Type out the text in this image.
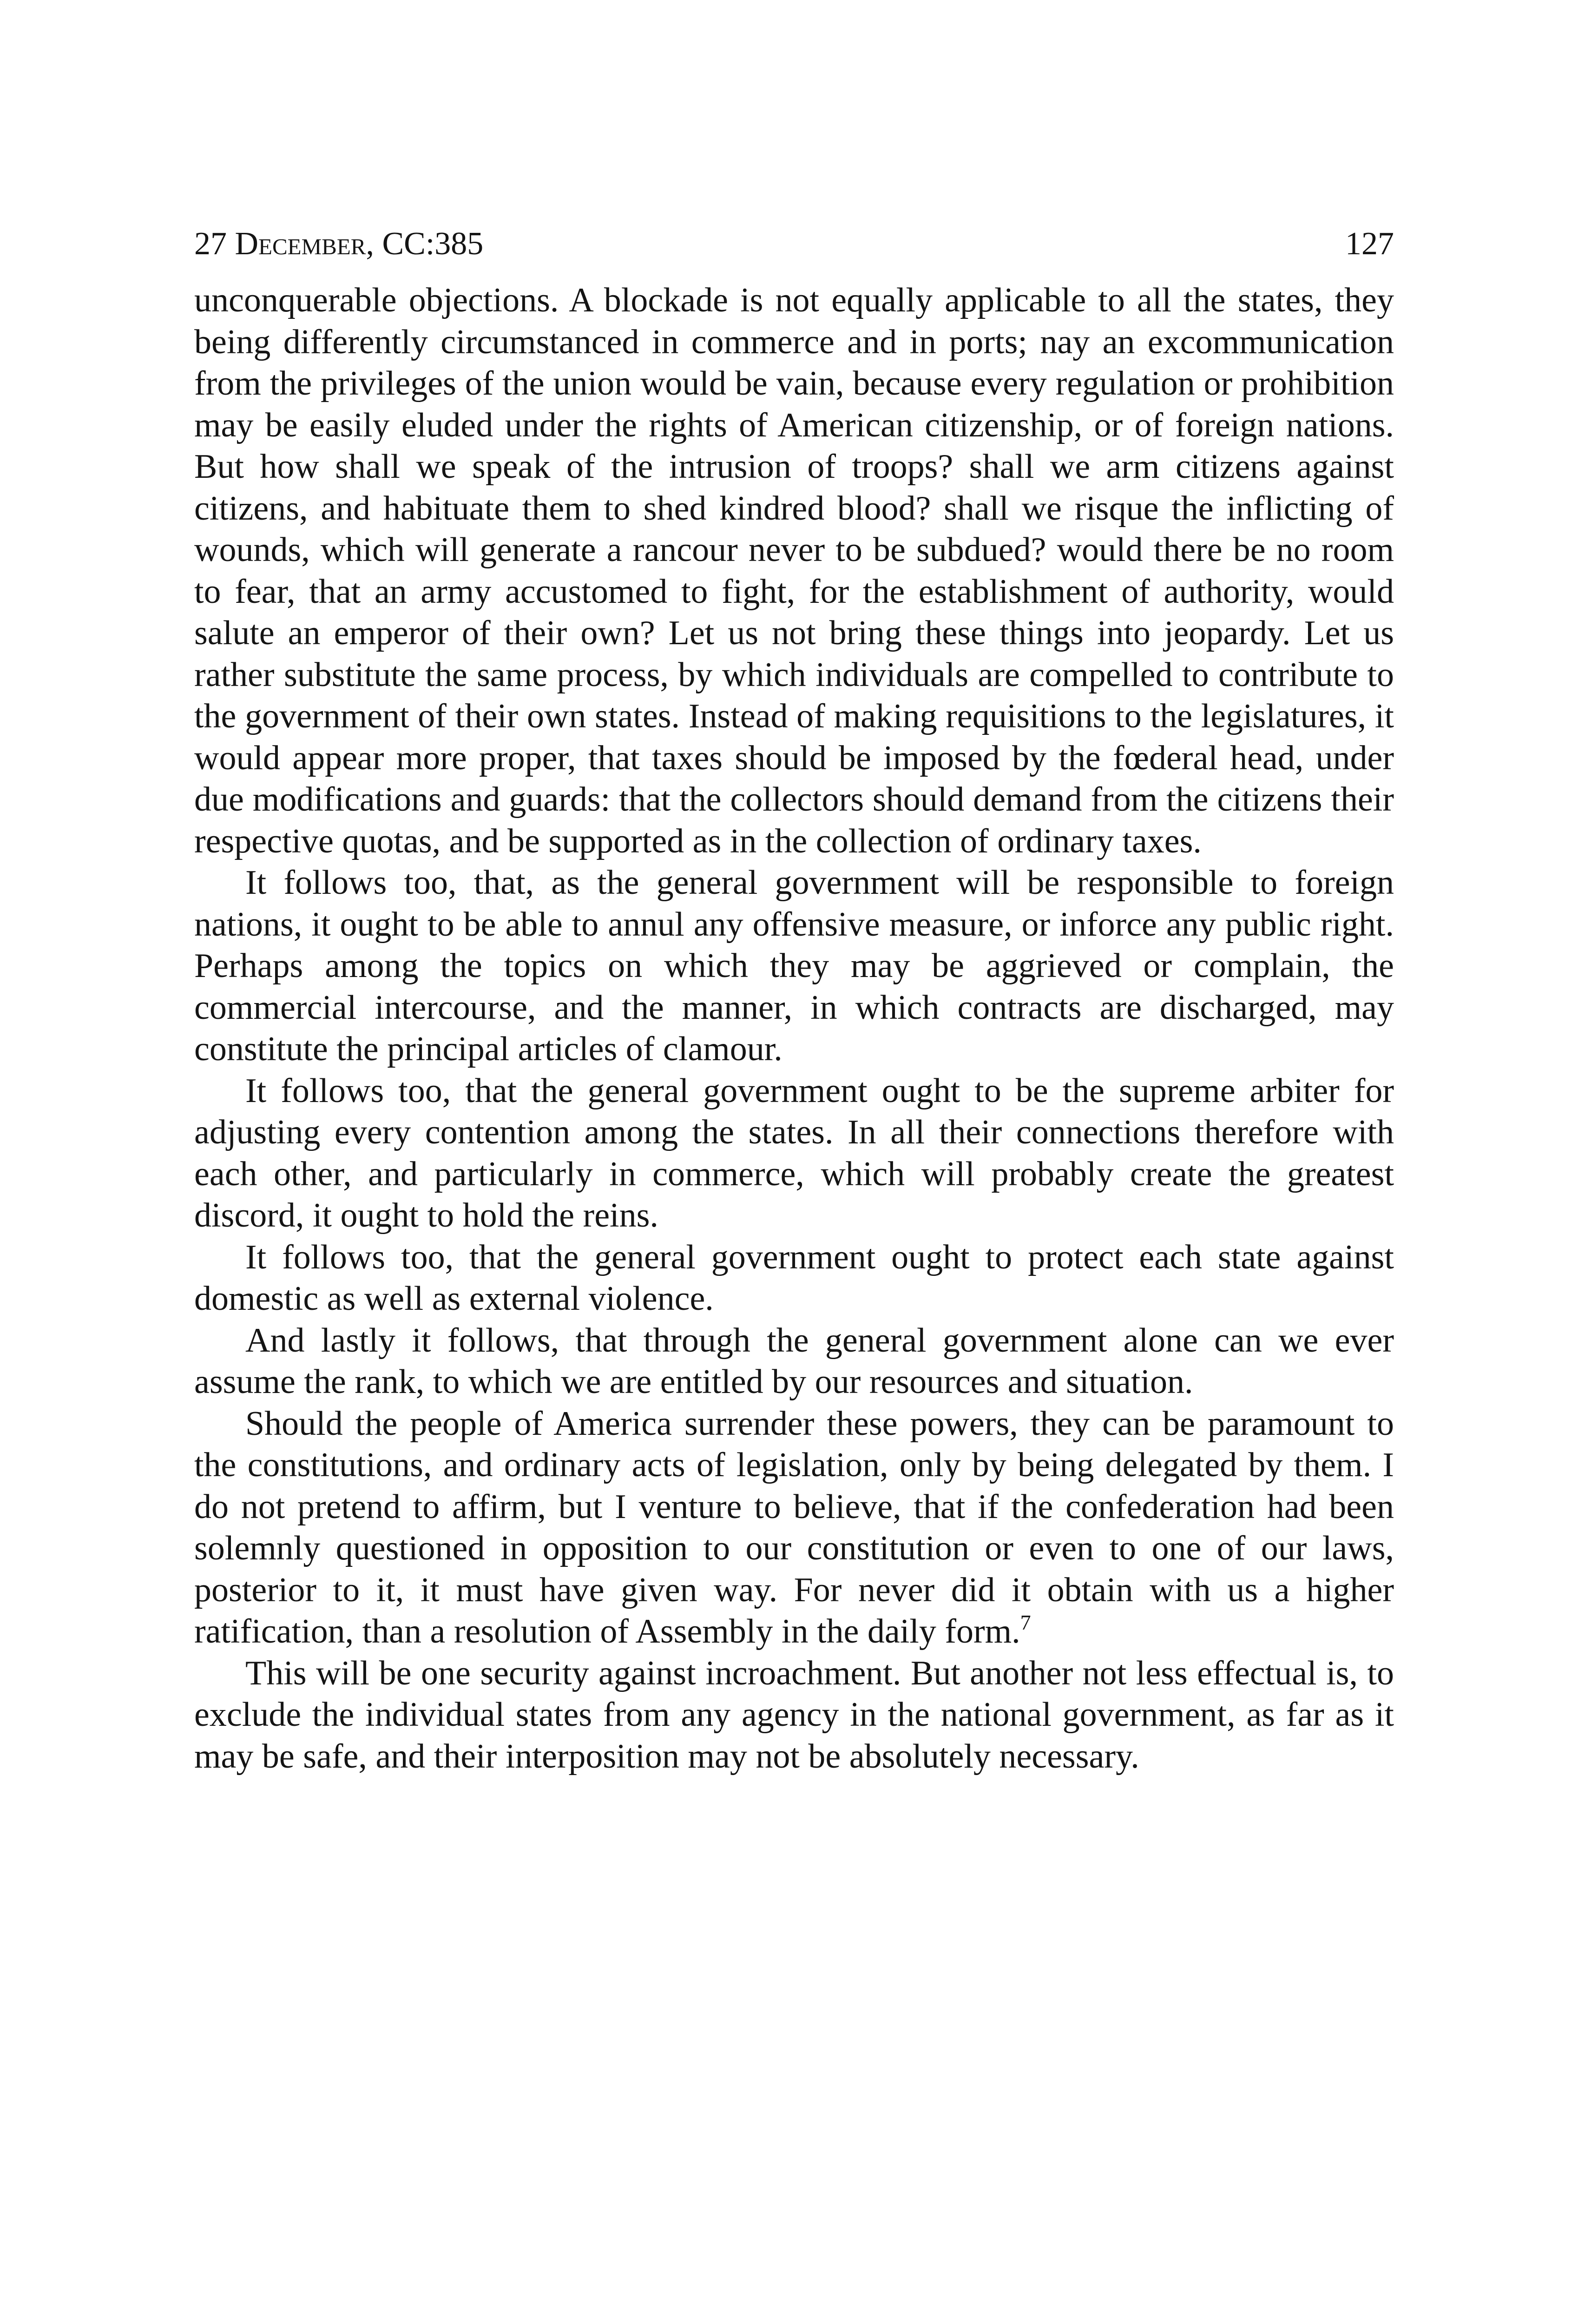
27 December, CC:385	127

unconquerable objections. A blockade is not equally applicable to all the states, they being differently circumstanced in commerce and in ports; nay an excommunication from the privileges of the union would be vain, because every regulation or prohibition may be easily eluded under the rights of American citizenship, or of foreign nations. But how shall we speak of the intrusion of troops? shall we arm citizens against citizens, and habituate them to shed kindred blood? shall we risque the inflicting of wounds, which will generate a rancour never to be subdued? would there be no room to fear, that an army accustomed to fight, for the establishment of authority, would salute an emperor of their own? Let us not bring these things into jeopardy. Let us rather substitute the same process, by which individuals are compelled to contribute to the government of their own states. Instead of making requisitions to the legislatures, it would appear more proper, that taxes should be imposed by the fœderal head, under due modifications and guards: that the collectors should demand from the citizens their respective quotas, and be supported as in the collection of ordinary taxes.

It follows too, that, as the general government will be responsible to foreign nations, it ought to be able to annul any offensive measure, or inforce any public right. Perhaps among the topics on which they may be aggrieved or complain, the commercial intercourse, and the manner, in which contracts are discharged, may constitute the principal articles of clamour.

It follows too, that the general government ought to be the supreme arbiter for adjusting every contention among the states. In all their connections therefore with each other, and particularly in commerce, which will probably create the greatest discord, it ought to hold the reins.

It follows too, that the general government ought to protect each state against domestic as well as external violence.

And lastly it follows, that through the general government alone can we ever assume the rank, to which we are entitled by our resources and situation.

Should the people of America surrender these powers, they can be paramount to the constitutions, and ordinary acts of legislation, only by being delegated by them. I do not pretend to affirm, but I venture to believe, that if the confederation had been solemnly questioned in opposition to our constitution or even to one of our laws, posterior to it, it must have given way. For never did it obtain with us a higher ratification, than a resolution of Assembly in the daily form.$^7$

This will be one security against incroachment. But another not less effectual is, to exclude the individual states from any agency in the national government, as far as it may be safe, and their interposition may not be absolutely necessary.
